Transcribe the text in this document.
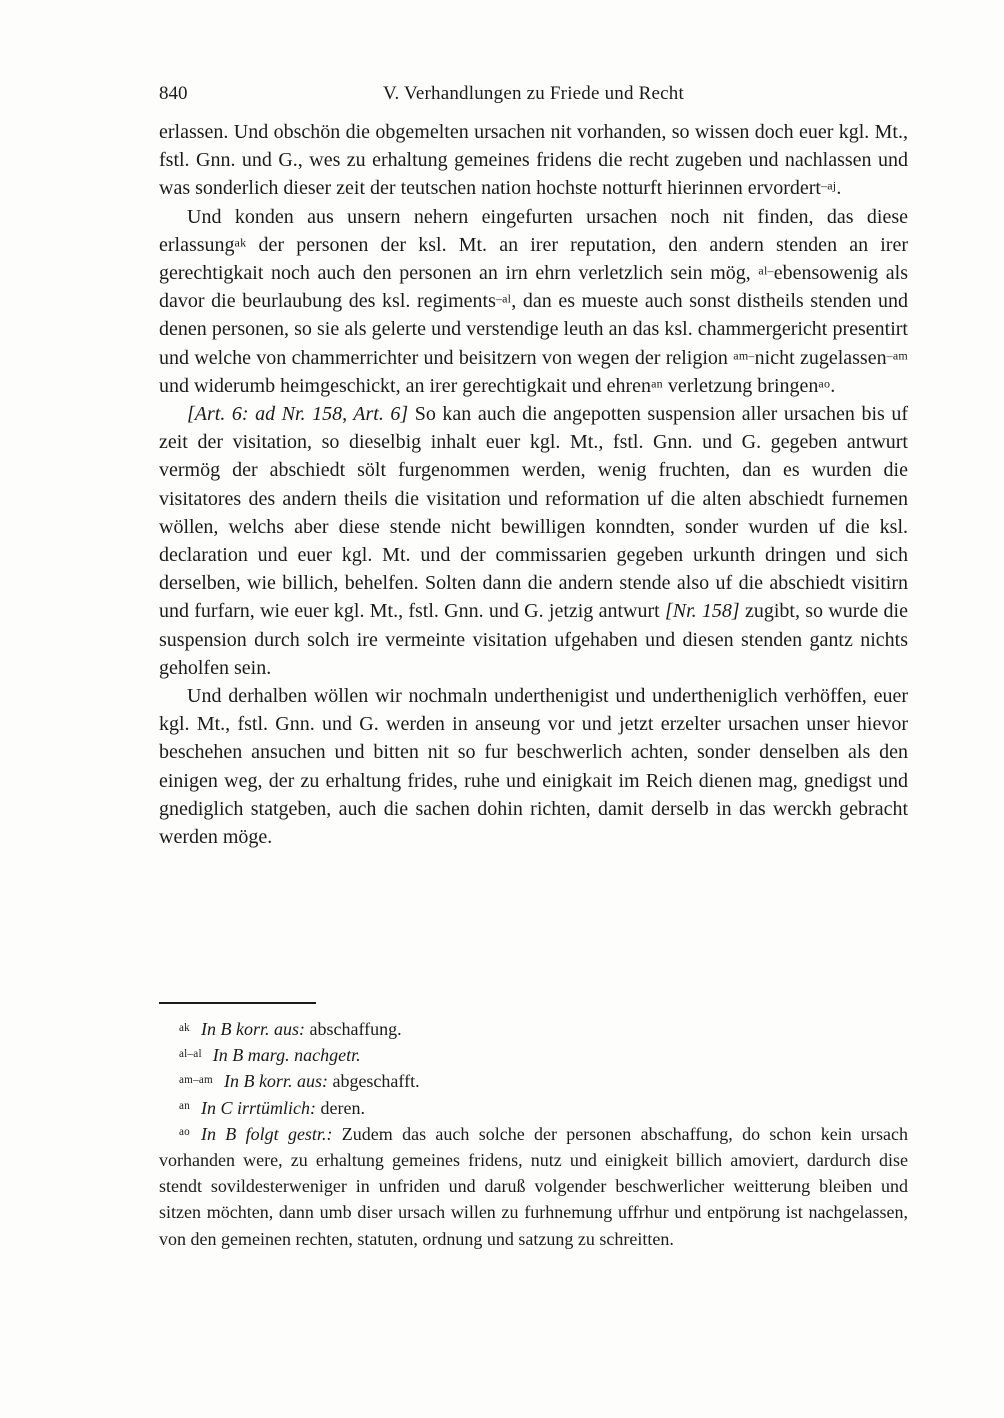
840	V. Verhandlungen zu Friede und Recht

erlassen. Und obschön die obgemelten ursachen nit vorhanden, so wissen doch euer kgl. Mt., fstl. Gnn. und G., wes zu erhaltung gemeines fridens die recht zugeben und nachlassen und was sonderlich dieser zeit der teutschen nation hochste notturft hierinnen ervordert$^{-aj}$.

Und konden aus unsern nehern eingefurten ursachen noch nit finden, das diese erlassung$^{ak}$ der personen der ksl. Mt. an irer reputation, den andern stenden an irer gerechtigkait noch auch den personen an irn ehrn verletzlich sein mög, $^{al-}$ebensowenig als davor die beurlaubung des ksl. regiments$^{-al}$, dan es mueste auch sonst distheils stenden und denen personen, so sie als gelerte und verstendige leuth an das ksl. chammergericht presentirt und welche von chammerrichter und beisitzern von wegen der religion $^{am-}$nicht zugelassen$^{-am}$ und widerumb heimgeschickt, an irer gerechtigkait und ehren$^{an}$ verletzung bringen$^{ao}$.

[Art. 6: ad Nr. 158, Art. 6] So kan auch die angepotten suspension aller ursachen bis uf zeit der visitation, so dieselbig inhalt euer kgl. Mt., fstl. Gnn. und G. gegeben antwurt vermög der abschiedt sölt furgenommen werden, wenig fruchten, dan es wurden die visitatores des andern theils die visitation und reformation uf die alten abschiedt furnemen wöllen, welchs aber diese stende nicht bewilligen konndten, sonder wurden uf die ksl. declaration und euer kgl. Mt. und der commissarien gegeben urkunth dringen und sich derselben, wie billich, behelfen. Solten dann die andern stende also uf die abschiedt visitirn und furfarn, wie euer kgl. Mt., fstl. Gnn. und G. jetzig antwurt [Nr. 158] zugibt, so wurde die suspension durch solch ire vermeinte visitation ufgehaben und diesen stenden gantz nichts geholfen sein.

Und derhalben wöllen wir nochmaln underthenigist und undertheniglich verhöffen, euer kgl. Mt., fstl. Gnn. und G. werden in anseung vor und jetzt erzelter ursachen unser hievor beschehen ansuchen und bitten nit so fur beschwerlich achten, sonder denselben als den einigen weg, der zu erhaltung frides, ruhe und einigkait im Reich dienen mag, gnedigst und gnediglich statgeben, auch die sachen dohin richten, damit derselb in das werckh gebracht werden möge.

$^{ak}$ In B korr. aus: abschaffung.

$^{al-al}$ In B marg. nachgetr.

$^{am-am}$ In B korr. aus: abgeschafft.

$^{an}$ In C irrtümlich: deren.

$^{ao}$ In B folgt gestr.: Zudem das auch solche der personen abschaffung, do schon kein ursach vorhanden were, zu erhaltung gemeines fridens, nutz und einigkeit billich amoviert, dardurch dise stendt sovildesterweniger in unfriden und daruß volgender beschwerlicher weitterung bleiben und sitzen möchten, dann umb diser ursach willen zu furhnemung uffrhur und entpörung ist nachgelassen, von den gemeinen rechten, statuten, ordnung und satzung zu schreitten.
